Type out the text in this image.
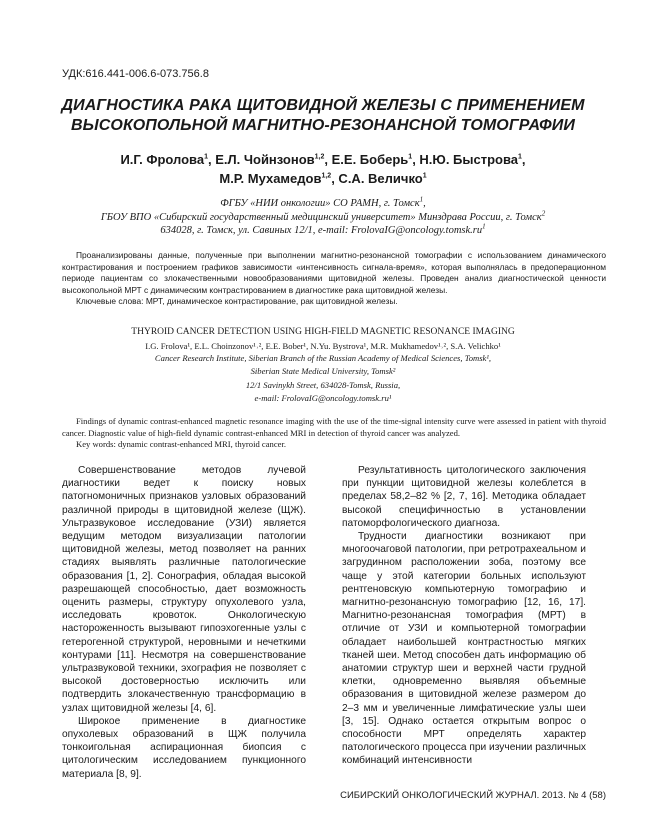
УДК:616.441-006.6-073.756.8
ДИАГНОСТИКА РАКА ЩИТОВИДНОЙ ЖЕЛЕЗЫ С ПРИМЕНЕНИЕМ
ВЫСОКОПОЛЬНОЙ МАГНИТНО-РЕЗОНАНСНОЙ ТОМОГРАФИИ
И.Г. Фролова$^1$, Е.Л. Чойнзонов$^{1,2}$, Е.Е. Боберь$^1$, Н.Ю. Быстрова$^1$,
М.Р. Мухамедов$^{1,2}$, С.А. Величко$^1$
ФГБУ «НИИ онкологии» СО РАМН, г. Томск$^1$,
ГБОУ ВПО «Сибирский государственный медицинский университет» Минздрава России, г. Томск$^2$
634028, г. Томск, ул. Савиных 12/1, e-mail: $FrolovaIG@oncology.tomsk.ru^1$

Проанализированы данные, полученные при выполнении магнитно-резонансной томографии с использованием динамического контрастирования и построением графиков зависимости «интенсивность сигнала-время», которая выполнялась в предоперационном периоде пациентам со злокачественными новообразованиями щитовидной железы. Проведен анализ диагностической ценности высокопольной МРТ с динамическим контрастированием в диагностике рака щитовидной железы.

Ключевые слова: МРТ, динамическое контрастирование, рак щитовидной железы.

THYROID CANCER DETECTION USING HIGH-FIELD MAGNETIC RESONANCE IMAGING
I.G. Frolova¹, E.L. Choinzonov¹˒², E.E. Bober¹, N.Yu. Bystrova¹, M.R. Mukhamedov¹˒², S.A. Velichko¹
Cancer Research Institute, Siberian Branch of the Russian Academy of Medical Sciences, Tomsk¹,
Siberian State Medical University, Tomsk²
12/1 Savinykh Street, 634028-Tomsk, Russia,
e-mail: FrolovaIG@oncology.tomsk.ru¹

Findings of dynamic contrast-enhanced magnetic resonance imaging with the use of the time-signal intensity curve were assessed in patient with thyroid cancer. Diagnostic value of high-field dynamic contrast-enhanced MRI in detection of thyroid cancer was analyzed.

Key words: dynamic contrast-enhanced MRI, thyroid cancer.

Совершенствование методов лучевой диагностики ведет к поиску новых патогномоничных признаков узловых образований различной природы в щитовидной железе (ЩЖ). Ультразвуковое исследование (УЗИ) является ведущим методом визуализации патологии щитовидной железы, метод позволяет на ранних стадиях выявлять различные патологические образования [1, 2]. Сонография, обладая высокой разрешающей способностью, дает возможность оценить размеры, структуру опухолевого узла, исследовать кровоток. Онкологическую настороженность вызывают гипоэхогенные узлы с гетерогенной структурой, неровными и нечеткими контурами [11]. Несмотря на совершенствование ультразвуковой техники, эхография не позволяет с высокой достоверностью исключить или подтвердить злокачественную трансформацию в узлах щитовидной железы [4, 6].

Широкое применение в диагностике опухолевых образований в ЩЖ получила тонкоигольная аспирационная биопсия с цитологическим исследованием пункционного материала [8, 9].

Результативность цитологического заключения при пункции щитовидной железы колеблется в пределах 58,2–82 % [2, 7, 16]. Методика обладает высокой специфичностью в установлении патоморфологического диагноза.

Трудности диагностики возникают при многоочаговой патологии, при ретротрахеальном и загрудинном расположении зоба, поэтому все чаще у этой категории больных используют рентгеновскую компьютерную томографию и магнитно-резонансную томографию [12, 16, 17]. Магнитно-резонансная томография (МРТ) в отличие от УЗИ и компьютерной томографии обладает наибольшей контрастностью мягких тканей шеи. Метод способен дать информацию об анатомии структур шеи и верхней части грудной клетки, одновременно выявляя объемные образования в щитовидной железе размером до 2–3 мм и увеличенные лимфатические узлы шеи [3, 15]. Однако остается открытым вопрос о способности МРТ определять характер патологического процесса при изучении различных комбинаций интенсивности

СИБИРСКИЙ ОНКОЛОГИЧЕСКИЙ ЖУРНАЛ. 2013. № 4 (58)
